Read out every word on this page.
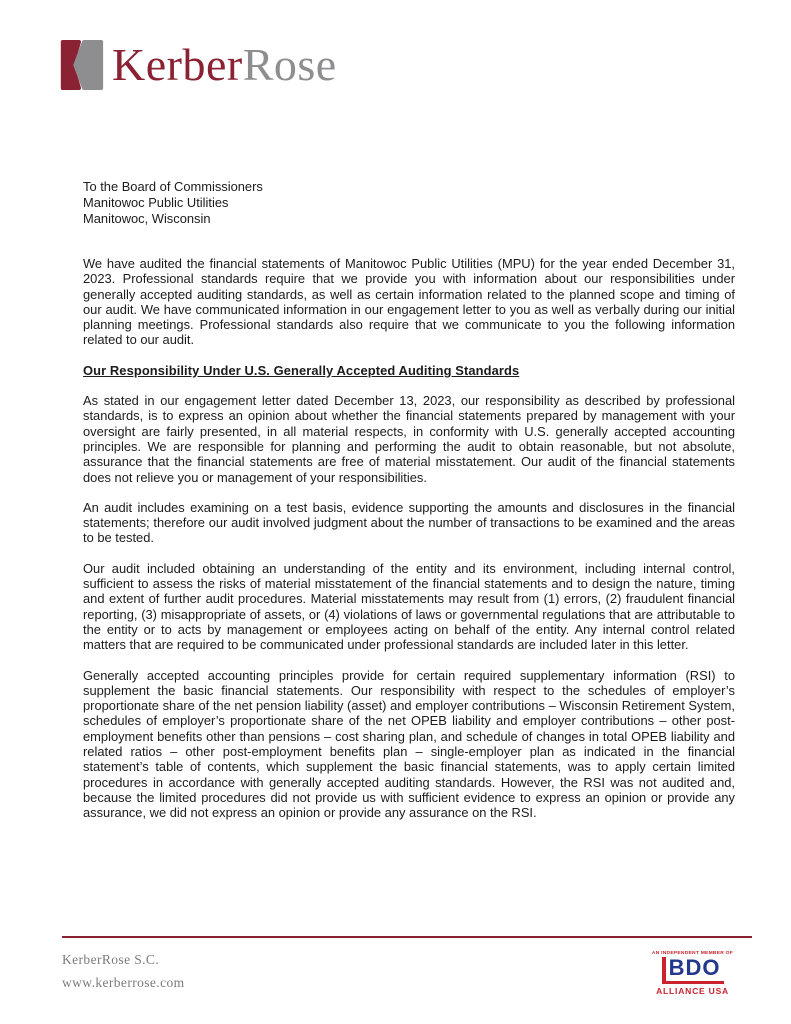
KerberRose
To the Board of Commissioners
Manitowoc Public Utilities
Manitowoc, Wisconsin

We have audited the financial statements of Manitowoc Public Utilities (MPU) for the year ended December 31, 2023. Professional standards require that we provide you with information about our responsibilities under generally accepted auditing standards, as well as certain information related to the planned scope and timing of our audit. We have communicated information in our engagement letter to you as well as verbally during our initial planning meetings. Professional standards also require that we communicate to you the following information related to our audit.

Our Responsibility Under U.S. Generally Accepted Auditing Standards

As stated in our engagement letter dated December 13, 2023, our responsibility as described by professional standards, is to express an opinion about whether the financial statements prepared by management with your oversight are fairly presented, in all material respects, in conformity with U.S. generally accepted accounting principles. We are responsible for planning and performing the audit to obtain reasonable, but not absolute, assurance that the financial statements are free of material misstatement. Our audit of the financial statements does not relieve you or management of your responsibilities.

An audit includes examining on a test basis, evidence supporting the amounts and disclosures in the financial statements; therefore our audit involved judgment about the number of transactions to be examined and the areas to be tested.

Our audit included obtaining an understanding of the entity and its environment, including internal control, sufficient to assess the risks of material misstatement of the financial statements and to design the nature, timing and extent of further audit procedures. Material misstatements may result from (1) errors, (2) fraudulent financial reporting, (3) misappropriate of assets, or (4) violations of laws or governmental regulations that are attributable to the entity or to acts by management or employees acting on behalf of the entity. Any internal control related matters that are required to be communicated under professional standards are included later in this letter.

Generally accepted accounting principles provide for certain required supplementary information (RSI) to supplement the basic financial statements. Our responsibility with respect to the schedules of employer’s proportionate share of the net pension liability (asset) and employer contributions – Wisconsin Retirement System, schedules of employer’s proportionate share of the net OPEB liability and employer contributions – other post-employment benefits other than pensions – cost sharing plan, and schedule of changes in total OPEB liability and related ratios – other post-employment benefits plan – single-employer plan as indicated in the financial statement’s table of contents, which supplement the basic financial statements, was to apply certain limited procedures in accordance with generally accepted auditing standards. However, the RSI was not audited and, because the limited procedures did not provide us with sufficient evidence to express an opinion or provide any assurance, we did not express an opinion or provide any assurance on the RSI.

KerberRose S.C.
www.kerberrose.com
AN INDEPENDENT MEMBER OF
BDO
ALLIANCE USA
